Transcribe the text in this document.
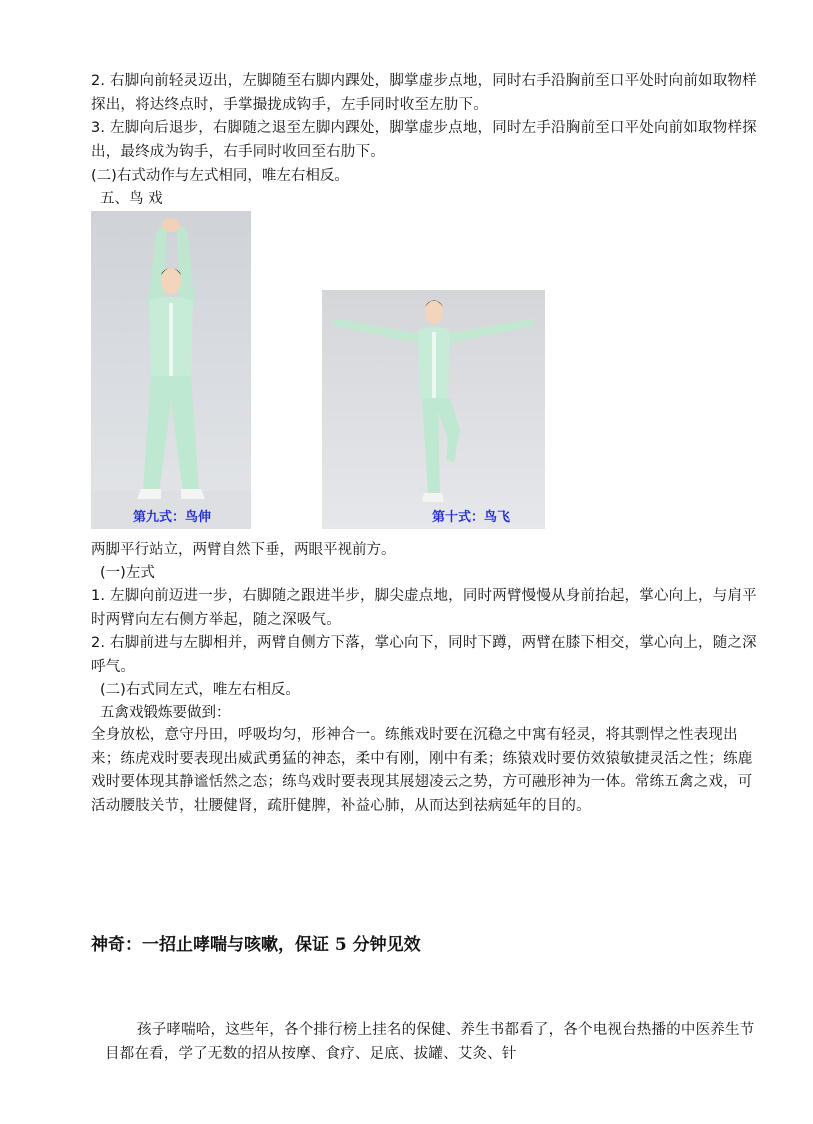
2. 右脚向前轻灵迈出，左脚随至右脚内踝处，脚掌虚步点地，同时右手沿胸前至口平处时向前如取物样探出，将达终点时，手掌撮拢成钩手，左手同时收至左肋下。

3. 左脚向后退步，右脚随之退至左脚内踝处，脚掌虚步点地，同时左手沿胸前至口平处向前如取物样探出，最终成为钩手，右手同时收回至右肋下。

(二)右式动作与左式相同，唯左右相反。

五、鸟 戏

第九式：鸟伸	第十式：鸟飞

两脚平行站立，两臂自然下垂，两眼平视前方。

(一)左式

1. 左脚向前迈进一步，右脚随之跟进半步，脚尖虚点地，同时两臂慢慢从身前抬起，掌心向上，与肩平时两臂向左右侧方举起，随之深吸气。

2. 右脚前进与左脚相并，两臂自侧方下落，掌心向下，同时下蹲，两臂在膝下相交，掌心向上，随之深呼气。

(二)右式同左式，唯左右相反。

五禽戏锻炼要做到：

全身放松，意守丹田，呼吸均匀，形神合一。练熊戏时要在沉稳之中寓有轻灵，将其剽悍之性表现出来；练虎戏时要表现出威武勇猛的神态，柔中有刚，刚中有柔；练猿戏时要仿效猿敏捷灵活之性；练鹿戏时要体现其静谧恬然之态；练鸟戏时要表现其展翅凌云之势，方可融形神为一体。常练五禽之戏，可活动腰肢关节，壮腰健肾，疏肝健脾，补益心肺，从而达到祛病延年的目的。

神奇：一招止哮喘与咳嗽，保证 5 分钟见效

孩子哮喘哈，这些年，各个排行榜上挂名的保健、养生书都看了，各个电视台热播的中医养生节目都在看，学了无数的招从按摩、食疗、足底、拔罐、艾灸、针
